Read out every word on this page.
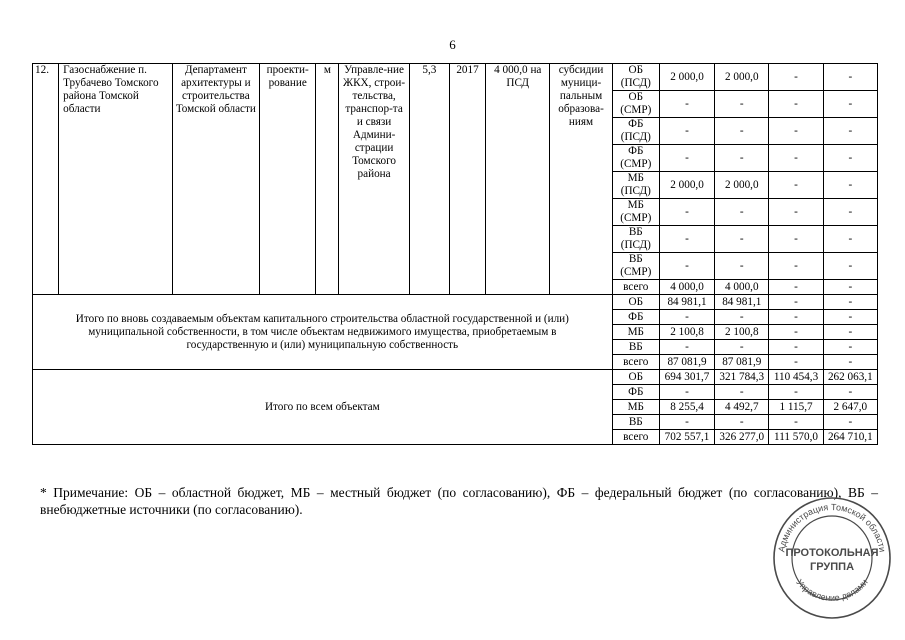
6
12.	Газоснабжение п. Трубачево Томского района Томской области	Департамент архитектуры и строительства Томской области	проекти-рование	м	Управле-ние ЖКХ, строи-тельства, транспор-та и связи Админи-страции Томского района	5,3	2017	4 000,0 на ПСД	субсидии муници-пальным образова-ниям	ОБ (ПСД)	2 000,0	2 000,0	-	-
										ОБ (СМР)	-	-	-	-
										ФБ (ПСД)	-	-	-	-
										ФБ (СМР)	-	-	-	-
										МБ (ПСД)	2 000,0	2 000,0	-	-
										МБ (СМР)	-	-	-	-
										ВБ (ПСД)	-	-	-	-
										ВБ (СМР)	-	-	-	-
										всего	4 000,0	4 000,0	-	-
Итого по вновь создаваемым объектам капитального строительства областной государственной и (или) муниципальной собственности, в том числе объектам недвижимого имущества, приобретаемым в государственную и (или) муниципальную собственность										ОБ	84 981,1	84 981,1	-	-
										ФБ	-	-	-	-
										МБ	2 100,8	2 100,8	-	-
										ВБ	-	-	-	-
										всего	87 081,9	87 081,9	-	-
Итого по всем объектам										ОБ	694 301,7	321 784,3	110 454,3	262 063,1
										ФБ	-	-	-	-
										МБ	8 255,4	4 492,7	1 115,7	2 647,0
										ВБ	-	-	-	-
										всего	702 557,1	326 277,0	111 570,0	264 710,1
* Примечание: ОБ – областной бюджет, МБ – местный бюджет (по согласованию), ФБ – федеральный бюджет (по согласованию), ВБ – внебюджетные источники (по согласованию).
Администрация Томской области
Управление делами
ПРОТОКОЛЬНАЯ
ГРУППА
